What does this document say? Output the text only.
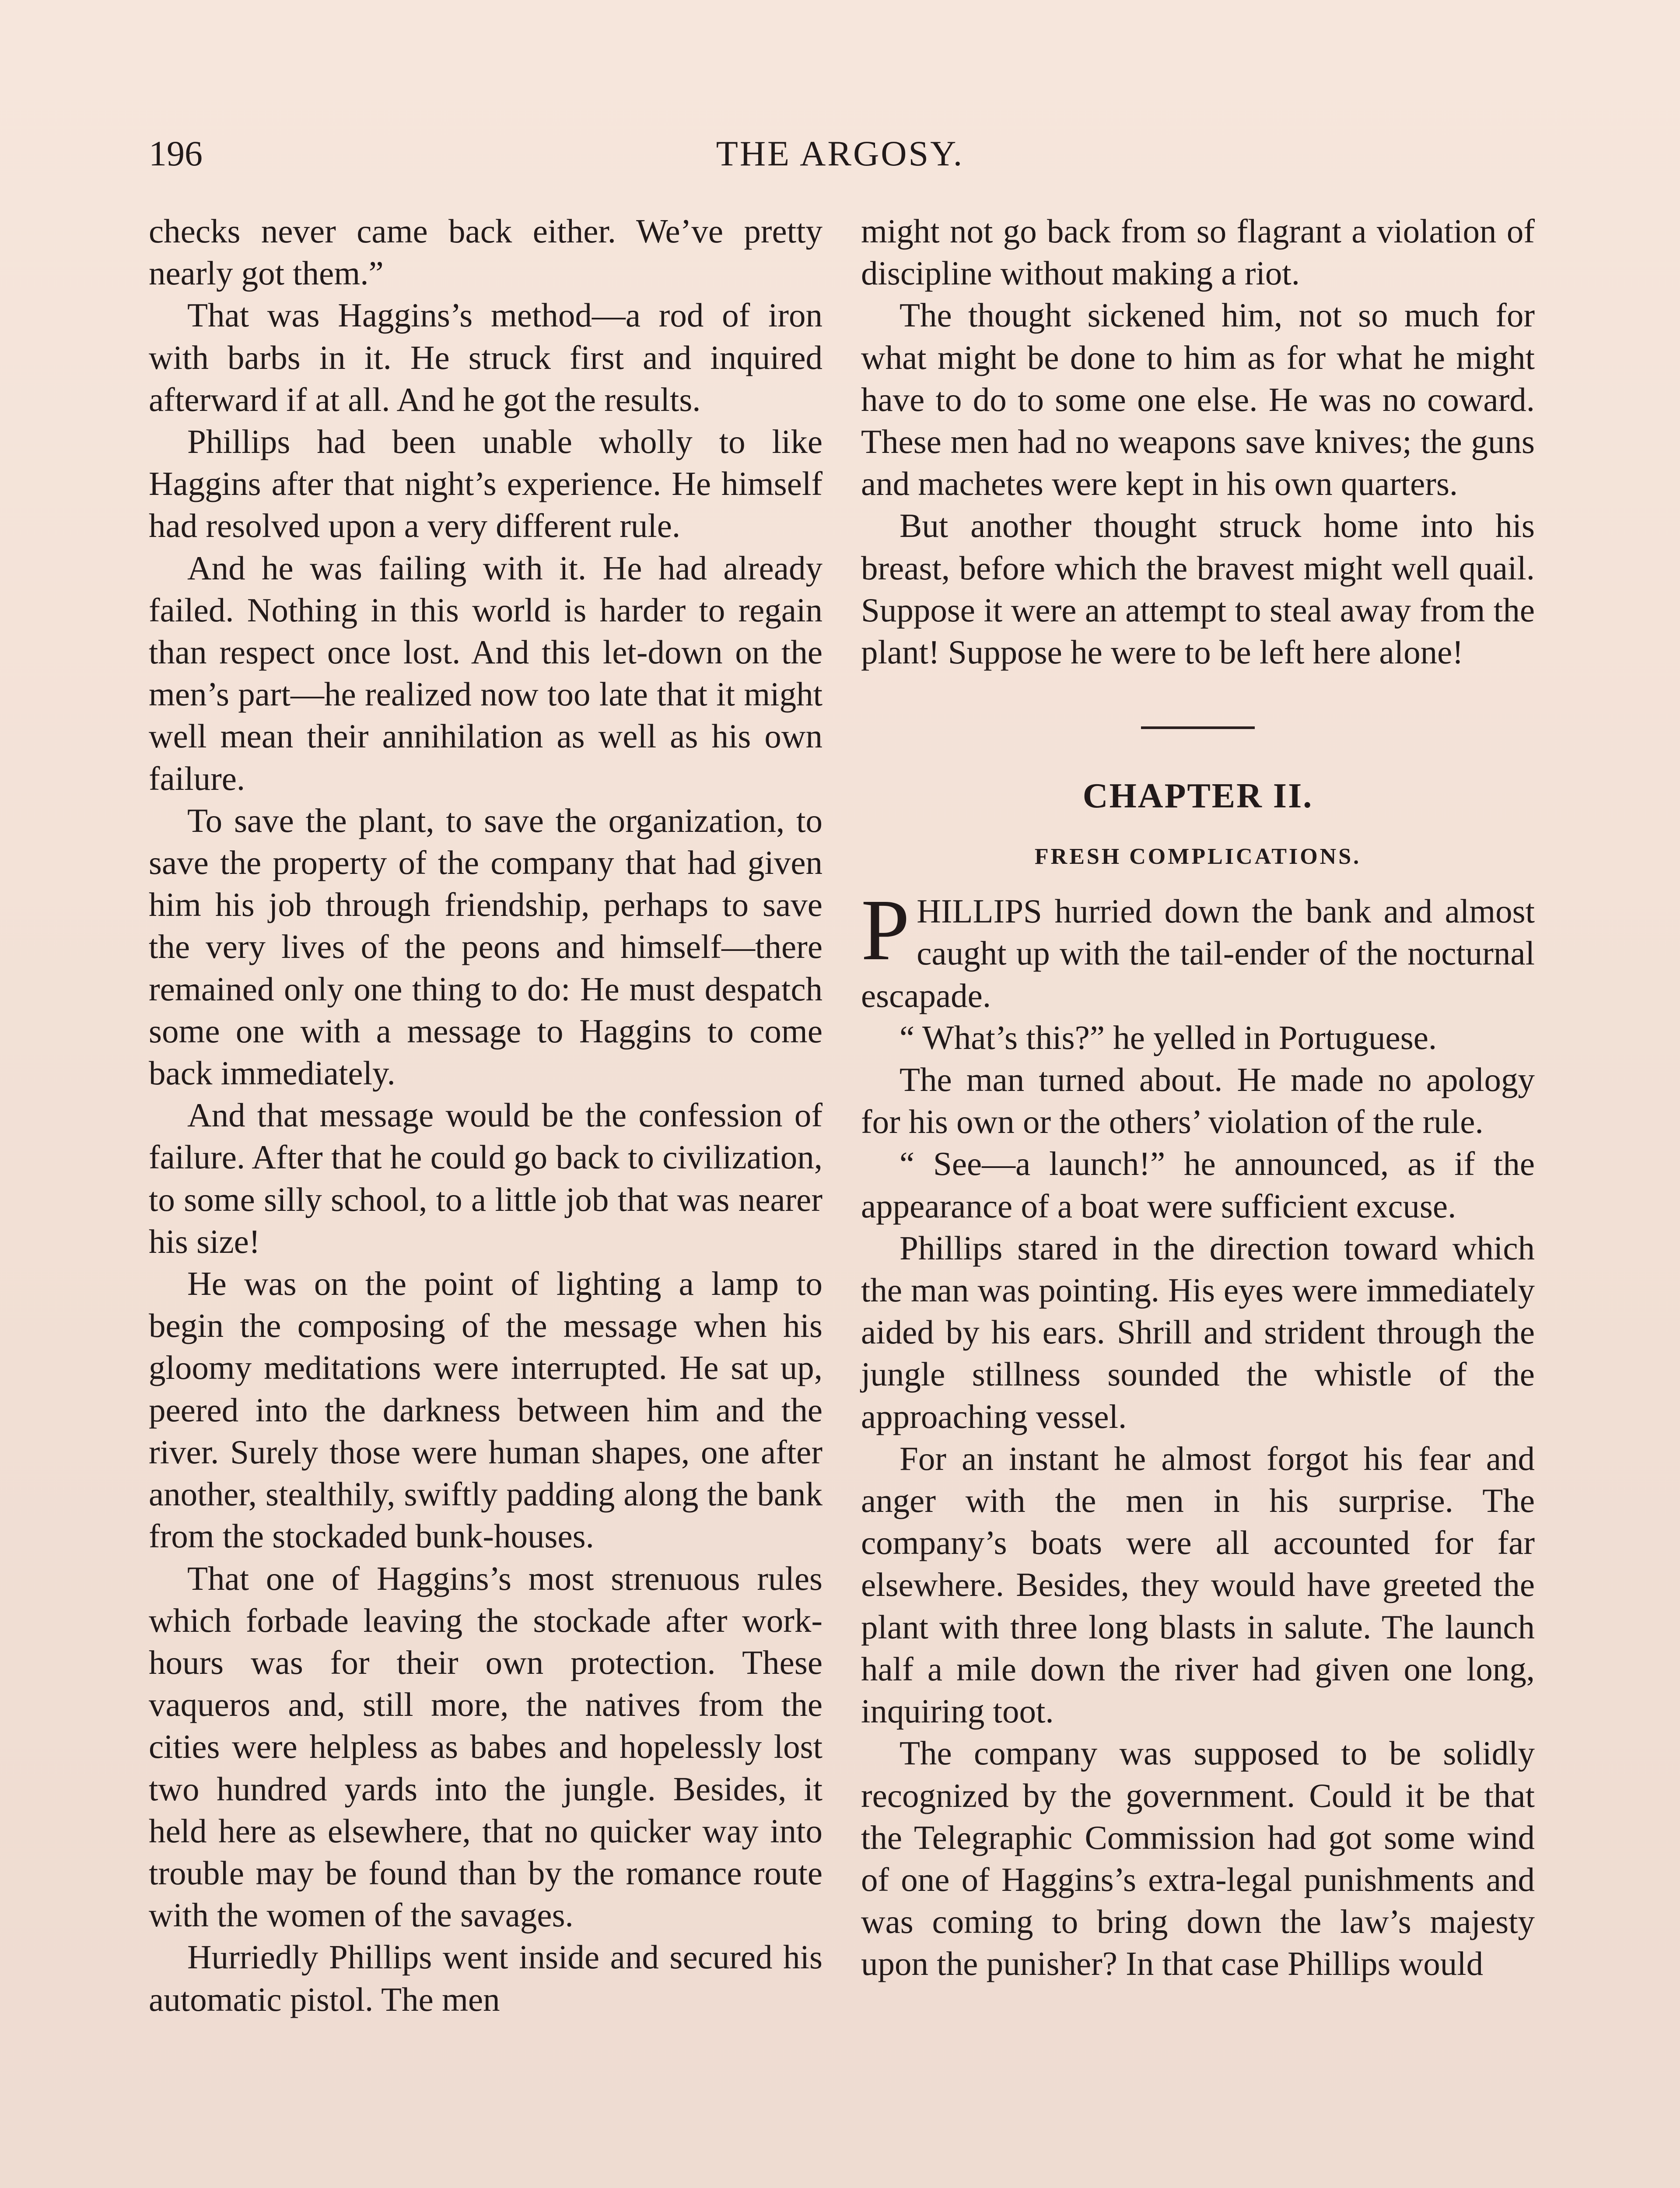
196	THE ARGOSY.

checks never came back either. We’ve pretty nearly got them.”

That was Haggins’s method—a rod of iron with barbs in it. He struck first and inquired afterward if at all. And he got the results.

Phillips had been unable wholly to like Haggins after that night’s experience. He himself had resolved upon a very different rule.

And he was failing with it. He had already failed. Nothing in this world is harder to regain than respect once lost. And this let-down on the men’s part—he realized now too late that it might well mean their annihilation as well as his own failure.

To save the plant, to save the organization, to save the property of the company that had given him his job through friendship, perhaps to save the very lives of the peons and himself—there remained only one thing to do: He must despatch some one with a message to Haggins to come back immediately.

And that message would be the confession of failure. After that he could go back to civilization, to some silly school, to a little job that was nearer his size!

He was on the point of lighting a lamp to begin the composing of the message when his gloomy meditations were interrupted. He sat up, peered into the darkness between him and the river. Surely those were human shapes, one after another, stealthily, swiftly padding along the bank from the stockaded bunk-houses.

That one of Haggins’s most strenuous rules which forbade leaving the stockade after work-hours was for their own protection. These vaqueros and, still more, the natives from the cities were helpless as babes and hopelessly lost two hundred yards into the jungle. Besides, it held here as elsewhere, that no quicker way into trouble may be found than by the romance route with the women of the savages.

Hurriedly Phillips went inside and secured his automatic pistol. The men

might not go back from so flagrant a violation of discipline without making a riot.

The thought sickened him, not so much for what might be done to him as for what he might have to do to some one else. He was no coward. These men had no weapons save knives; the guns and machetes were kept in his own quarters.

But another thought struck home into his breast, before which the bravest might well quail. Suppose it were an attempt to steal away from the plant! Suppose he were to be left here alone!

CHAPTER II.
FRESH COMPLICATIONS.

PHILLIPS hurried down the bank and almost caught up with the tail-ender of the nocturnal escapade.

“ What’s this?” he yelled in Portuguese.

The man turned about. He made no apology for his own or the others’ violation of the rule.

“ See—a launch!” he announced, as if the appearance of a boat were sufficient excuse.

Phillips stared in the direction toward which the man was pointing. His eyes were immediately aided by his ears. Shrill and strident through the jungle stillness sounded the whistle of the approaching vessel.

For an instant he almost forgot his fear and anger with the men in his surprise. The company’s boats were all accounted for far elsewhere. Besides, they would have greeted the plant with three long blasts in salute. The launch half a mile down the river had given one long, inquiring toot.

The company was supposed to be solidly recognized by the government. Could it be that the Telegraphic Commission had got some wind of one of Haggins’s extra-legal punishments and was coming to bring down the law’s majesty upon the punisher? In that case Phillips would
